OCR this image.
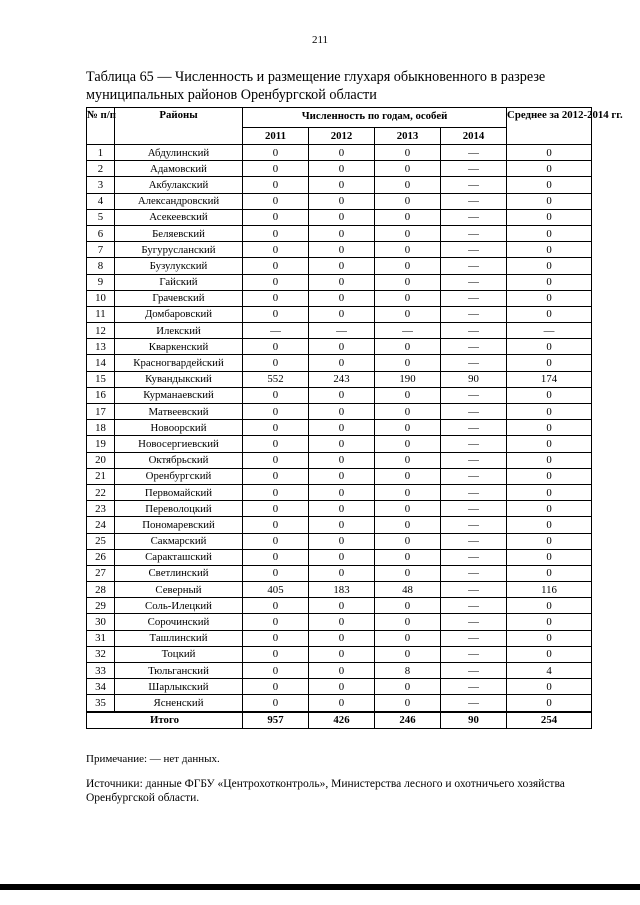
211
Таблица 65 — Численность и размещение глухаря обыкновенного в разрезе муниципальных районов Оренбургской области
№ п/п	Районы	Численность по годам, особей				Среднее за 2012-2014 гг.
		2011	2012	2013	2014	
1	Абдулинский	0	0	0	—	0
2	Адамовский	0	0	0	—	0
3	Акбулакский	0	0	0	—	0
4	Александровский	0	0	0	—	0
5	Асекеевский	0	0	0	—	0
6	Беляевский	0	0	0	—	0
7	Бугурусланский	0	0	0	—	0
8	Бузулукский	0	0	0	—	0
9	Гайский	0	0	0	—	0
10	Грачевский	0	0	0	—	0
11	Домбаровский	0	0	0	—	0
12	Илекский	—	—	—	—	—
13	Кваркенский	0	0	0	—	0
14	Красногвардейский	0	0	0	—	0
15	Кувандыкский	552	243	190	90	174
16	Курманаевский	0	0	0	—	0
17	Матвеевский	0	0	0	—	0
18	Новоорский	0	0	0	—	0
19	Новосергиевский	0	0	0	—	0
20	Октябрьский	0	0	0	—	0
21	Оренбургский	0	0	0	—	0
22	Первомайский	0	0	0	—	0
23	Переволоцкий	0	0	0	—	0
24	Пономаревский	0	0	0	—	0
25	Сакмарский	0	0	0	—	0
26	Саракташский	0	0	0	—	0
27	Светлинский	0	0	0	—	0
28	Северный	405	183	48	—	116
29	Соль-Илецкий	0	0	0	—	0
30	Сорочинский	0	0	0	—	0
31	Ташлинский	0	0	0	—	0
32	Тоцкий	0	0	0	—	0
33	Тюльганский	0	0	8	—	4
34	Шарлыкский	0	0	0	—	0
35	Ясненский	0	0	0	—	0
Итого		957	426	246	90	254
Примечание: — нет данных.
Источники: данные ФГБУ «Центрохотконтроль», Министерства лесного и охотничьего хозяйства Оренбургской области.
